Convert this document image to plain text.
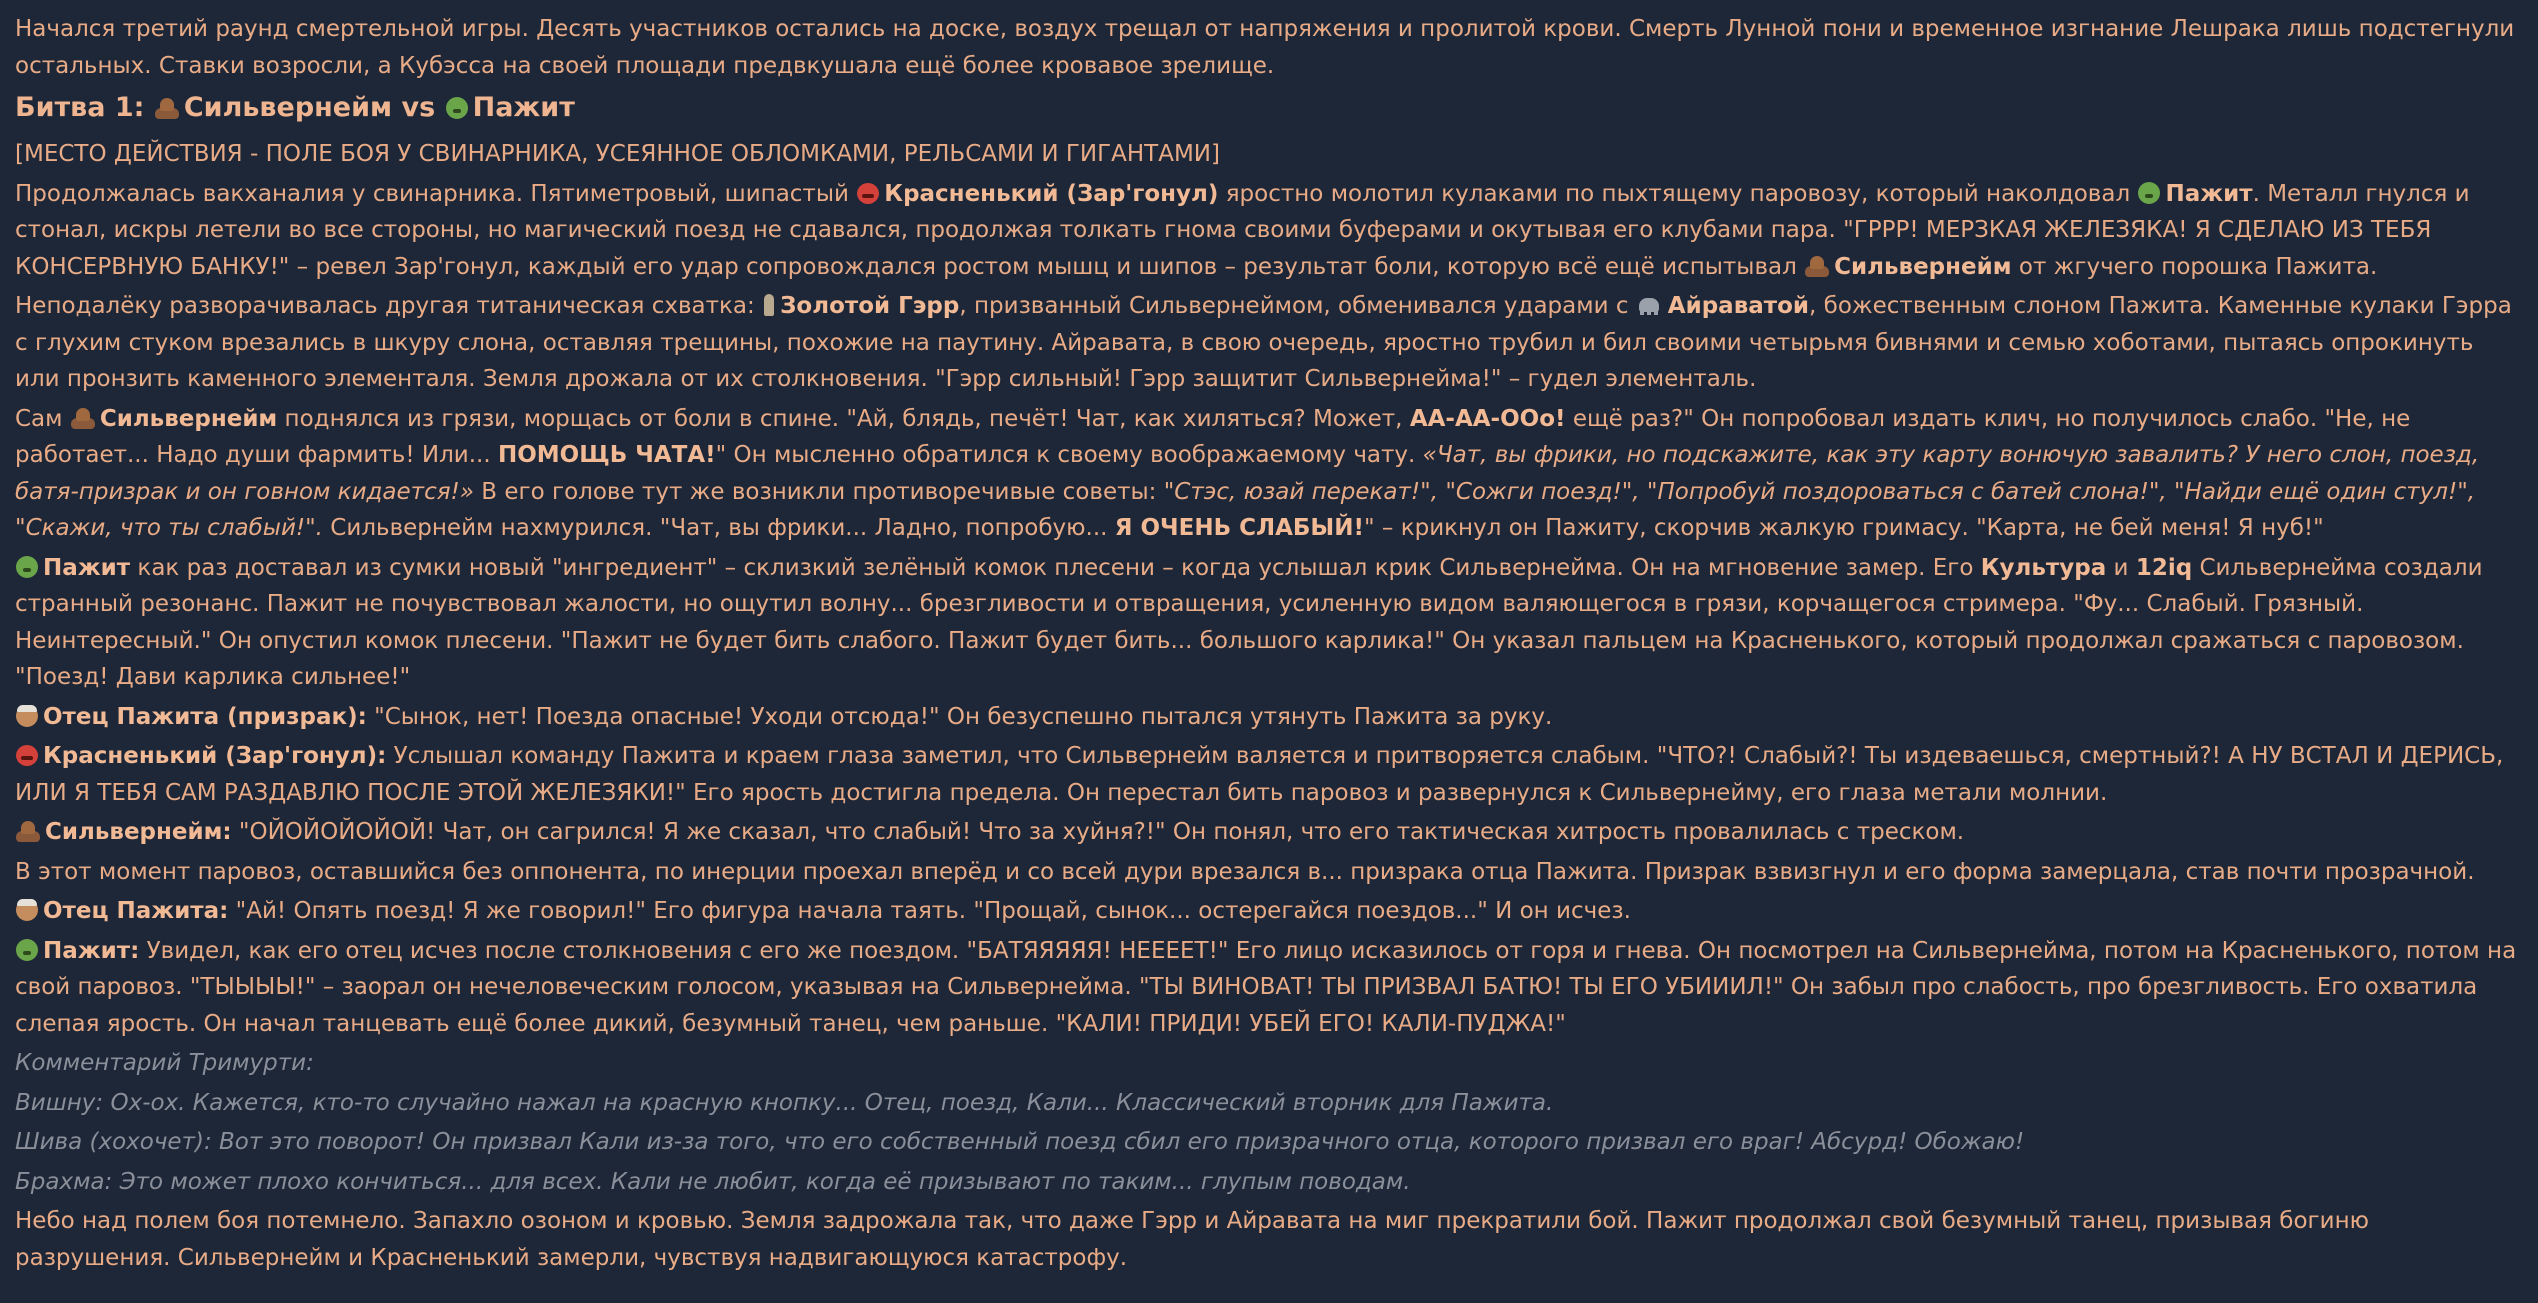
Начался третий раунд смертельной игры. Десять участников остались на доске, воздух трещал от напряжения и пролитой крови. Смерть Лунной пони и временное изгнание Лешрака лишь подстегнули остальных. Ставки возросли, а Кубэсса на своей площади предвкушала ещё более кровавое зрелище.

Битва 1: Сильвернейм vs Пажит

[МЕСТО ДЕЙСТВИЯ - ПОЛЕ БОЯ У СВИНАРНИКА, УСЕЯННОЕ ОБЛОМКАМИ, РЕЛЬСАМИ И ГИГАНТАМИ]

Продолжалась вакханалия у свинарника. Пятиметровый, шипастый Красненький (Зар'гонул) яростно молотил кулаками по пыхтящему паровозу, который наколдовал Пажит. Металл гнулся и стонал, искры летели во все стороны, но магический поезд не сдавался, продолжая толкать гнома своими буферами и окутывая его клубами пара. "ГРРР! МЕРЗКАЯ ЖЕЛЕЗЯКА! Я СДЕЛАЮ ИЗ ТЕБЯ КОНСЕРВНУЮ БАНКУ!" – ревел Зар'гонул, каждый его удар сопровождался ростом мышц и шипов – результат боли, которую всё ещё испытывал Сильвернейм от жгучего порошка Пажита.

Неподалёку разворачивалась другая титаническая схватка: Золотой Гэрр, призванный Сильвернеймом, обменивался ударами с Айраватой, божественным слоном Пажита. Каменные кулаки Гэрра с глухим стуком врезались в шкуру слона, оставляя трещины, похожие на паутину. Айравата, в свою очередь, яростно трубил и бил своими четырьмя бивнями и семью хоботами, пытаясь опрокинуть или пронзить каменного элементаля. Земля дрожала от их столкновения. "Гэрр сильный! Гэрр защитит Сильвернейма!" – гудел элементаль.

Сам Сильвернейм поднялся из грязи, морщась от боли в спине. "Ай, блядь, печёт! Чат, как хиляться? Может, АА-АА-ООо! ещё раз?" Он попробовал издать клич, но получилось слабо. "Не, не работает... Надо души фармить! Или... ПОМОЩЬ ЧАТА!" Он мысленно обратился к своему воображаемому чату. «Чат, вы фрики, но подскажите, как эту карту вонючую завалить? У него слон, поезд, батя-призрак и он говном кидается!» В его голове тут же возникли противоречивые советы: "Стэс, юзай перекат!", "Сожги поезд!", "Попробуй поздороваться с батей слона!", "Найди ещё один стул!", "Скажи, что ты слабый!". Сильвернейм нахмурился. "Чат, вы фрики... Ладно, попробую... Я ОЧЕНЬ СЛАБЫЙ!" – крикнул он Пажиту, скорчив жалкую гримасу. "Карта, не бей меня! Я нуб!"

Пажит как раз доставал из сумки новый "ингредиент" – склизкий зелёный комок плесени – когда услышал крик Сильвернейма. Он на мгновение замер. Его Культура и 12iq Сильвернейма создали странный резонанс. Пажит не почувствовал жалости, но ощутил волну... брезгливости и отвращения, усиленную видом валяющегося в грязи, корчащегося стримера. "Фу... Слабый. Грязный. Неинтересный." Он опустил комок плесени. "Пажит не будет бить слабого. Пажит будет бить... большого карлика!" Он указал пальцем на Красненького, который продолжал сражаться с паровозом. "Поезд! Дави карлика сильнее!"

Отец Пажита (призрак): "Сынок, нет! Поезда опасные! Уходи отсюда!" Он безуспешно пытался утянуть Пажита за руку.

Красненький (Зар'гонул): Услышал команду Пажита и краем глаза заметил, что Сильвернейм валяется и притворяется слабым. "ЧТО?! Слабый?! Ты издеваешься, смертный?! А НУ ВСТАЛ И ДЕРИСЬ, ИЛИ Я ТЕБЯ САМ РАЗДАВЛЮ ПОСЛЕ ЭТОЙ ЖЕЛЕЗЯКИ!" Его ярость достигла предела. Он перестал бить паровоз и развернулся к Сильвернейму, его глаза метали молнии.

Сильвернейм: "ОЙОЙОЙОЙОЙ! Чат, он сагрился! Я же сказал, что слабый! Что за хуйня?!" Он понял, что его тактическая хитрость провалилась с треском.

В этот момент паровоз, оставшийся без оппонента, по инерции проехал вперёд и со всей дури врезался в... призрака отца Пажита. Призрак взвизгнул и его форма замерцала, став почти прозрачной.

Отец Пажита: "Ай! Опять поезд! Я же говорил!" Его фигура начала таять. "Прощай, сынок... остерегайся поездов..." И он исчез.

Пажит: Увидел, как его отец исчез после столкновения с его же поездом. "БАТЯЯЯЯЯ! НЕЕЕЕТ!" Его лицо исказилось от горя и гнева. Он посмотрел на Сильвернейма, потом на Красненького, потом на свой паровоз. "ТЫЫЫЫ!" – заорал он нечеловеческим голосом, указывая на Сильвернейма. "ТЫ ВИНОВАТ! ТЫ ПРИЗВАЛ БАТЮ! ТЫ ЕГО УБИИИЛ!" Он забыл про слабость, про брезгливость. Его охватила слепая ярость. Он начал танцевать ещё более дикий, безумный танец, чем раньше. "КАЛИ! ПРИДИ! УБЕЙ ЕГО! КАЛИ-ПУДЖА!"

Комментарий Тримурти:

Вишну: Ох-ох. Кажется, кто-то случайно нажал на красную кнопку... Отец, поезд, Кали... Классический вторник для Пажита.

Шива (хохочет): Вот это поворот! Он призвал Кали из-за того, что его собственный поезд сбил его призрачного отца, которого призвал его враг! Абсурд! Обожаю!

Брахма: Это может плохо кончиться... для всех. Кали не любит, когда её призывают по таким... глупым поводам.

Небо над полем боя потемнело. Запахло озоном и кровью. Земля задрожала так, что даже Гэрр и Айравата на миг прекратили бой. Пажит продолжал свой безумный танец, призывая богиню разрушения. Сильвернейм и Красненький замерли, чувствуя надвигающуюся катастрофу.
